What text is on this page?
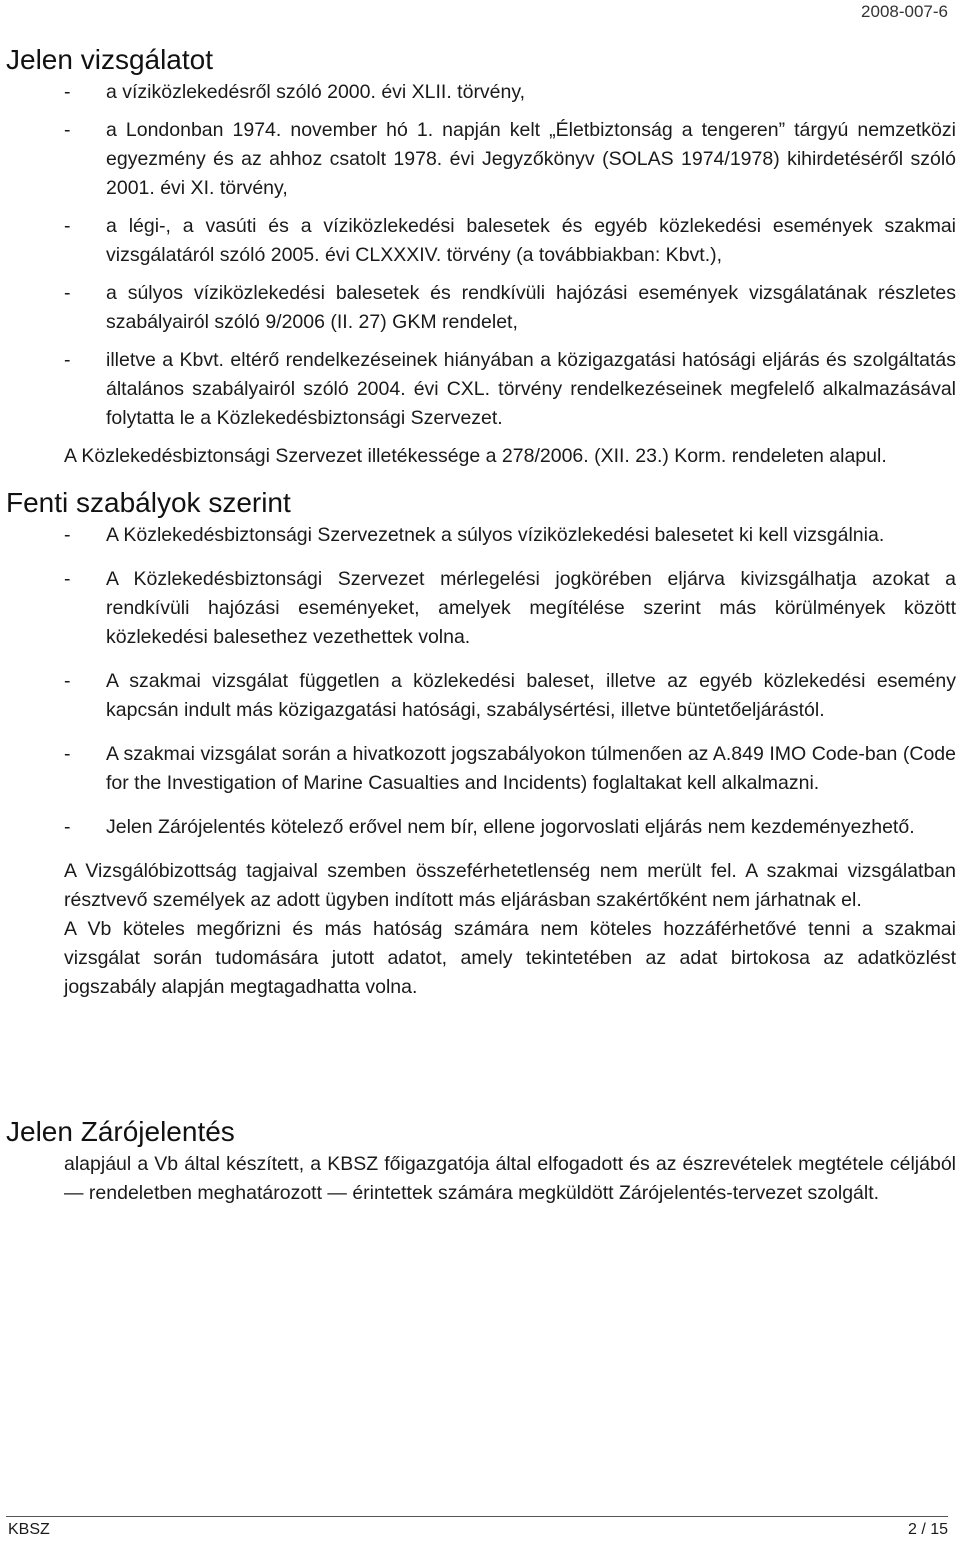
2008-007-6
Jelen vizsgálatot
- a víziközlekedésről szóló 2000. évi XLII. törvény,
- a Londonban 1974. november hó 1. napján kelt „Életbiztonság a tengeren” tárgyú nemzetközi egyezmény és az ahhoz csatolt 1978. évi Jegyzőkönyv (SOLAS 1974/1978) kihirdetéséről szóló 2001. évi XI. törvény,
- a légi-, a vasúti és a víziközlekedési balesetek és egyéb közlekedési események szakmai vizsgálatáról szóló 2005. évi CLXXXIV. törvény (a továbbiakban: Kbvt.),
- a súlyos víziközlekedési balesetek és rendkívüli hajózási események vizsgálatának részletes szabályairól szóló 9/2006 (II. 27) GKM rendelet,
- illetve a Kbvt. eltérő rendelkezéseinek hiányában a közigazgatási hatósági eljárás és szolgáltatás általános szabályairól szóló 2004. évi CXL. törvény rendelkezéseinek megfelelő alkalmazásával folytatta le a Közlekedésbiztonsági Szervezet.

A Közlekedésbiztonsági Szervezet illetékessége a 278/2006. (XII. 23.) Korm. rendeleten alapul.

Fenti szabályok szerint
- A Közlekedésbiztonsági Szervezetnek a súlyos víziközlekedési balesetet ki kell vizsgálnia.
- A Közlekedésbiztonsági Szervezet mérlegelési jogkörében eljárva kivizsgálhatja azokat a rendkívüli hajózási eseményeket, amelyek megítélése szerint más körülmények között közlekedési balesethez vezethettek volna.
- A szakmai vizsgálat független a közlekedési baleset, illetve az egyéb közlekedési esemény kapcsán indult más közigazgatási hatósági, szabálysértési, illetve büntetőeljárástól.
- A szakmai vizsgálat során a hivatkozott jogszabályokon túlmenően az A.849 IMO Code-ban (Code for the Investigation of Marine Casualties and Incidents) foglaltakat kell alkalmazni.
- Jelen Zárójelentés kötelező erővel nem bír, ellene jogorvoslati eljárás nem kezdeményezhető.

A Vizsgálóbizottság tagjaival szemben összeférhetetlenség nem merült fel. A szakmai vizsgálatban résztvevő személyek az adott ügyben indított más eljárásban szakértőként nem járhatnak el.

A Vb köteles megőrizni és más hatóság számára nem köteles hozzáférhetővé tenni a szakmai vizsgálat során tudomására jutott adatot, amely tekintetében az adat birtokosa az adatközlést jogszabály alapján megtagadhatta volna.

Jelen Zárójelentés

alapjául a Vb által készített, a KBSZ főigazgatója által elfogadott és az észrevételek megtétele céljából — rendeletben meghatározott — érintettek számára megküldött Zárójelentés-tervezet szolgált.

KBSZ	2 / 15
